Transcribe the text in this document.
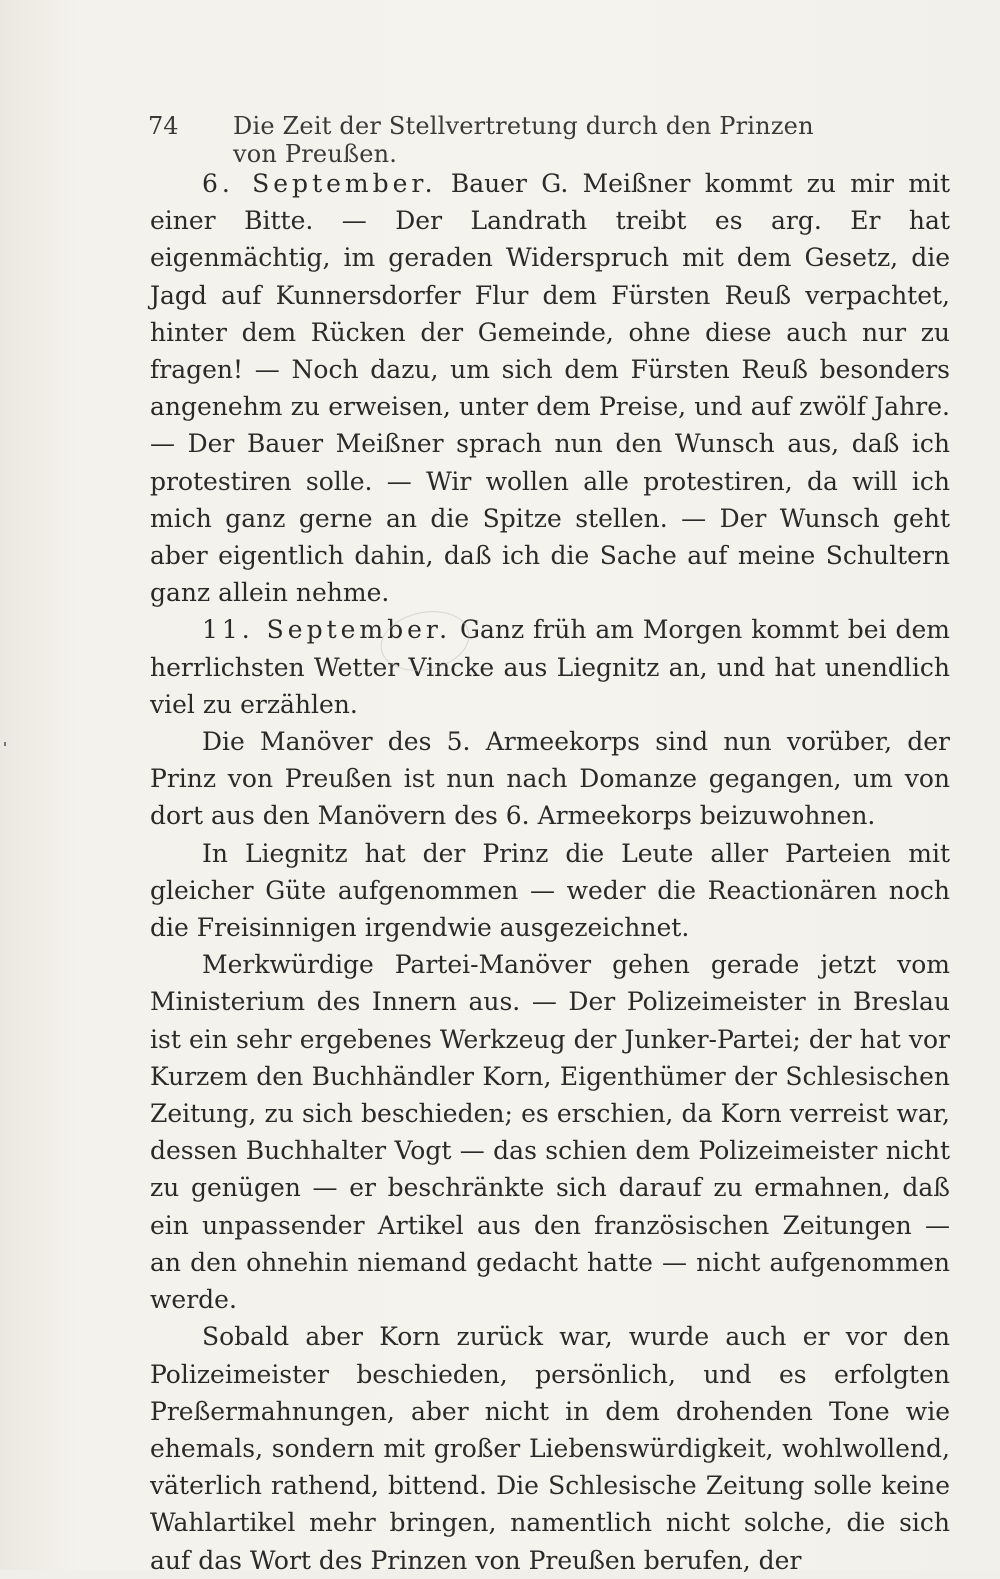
74	Die Zeit der Stellvertretung durch den Prinzen von Preußen.

6. September. Bauer G. Meißner kommt zu mir mit einer Bitte. — Der Landrath treibt es arg. Er hat eigenmächtig, im geraden Widerspruch mit dem Gesetz, die Jagd auf Kunnersdorfer Flur dem Fürsten Reuß verpachtet, hinter dem Rücken der Gemeinde, ohne diese auch nur zu fragen! — Noch dazu, um sich dem Fürsten Reuß besonders angenehm zu erweisen, unter dem Preise, und auf zwölf Jahre. — Der Bauer Meißner sprach nun den Wunsch aus, daß ich protestiren solle. — Wir wollen alle protestiren, da will ich mich ganz gerne an die Spitze stellen. — Der Wunsch geht aber eigentlich dahin, daß ich die Sache auf meine Schultern ganz allein nehme.

11. September. Ganz früh am Morgen kommt bei dem herrlichsten Wetter Vincke aus Liegnitz an, und hat unendlich viel zu erzählen.

Die Manöver des 5. Armeekorps sind nun vorüber, der Prinz von Preußen ist nun nach Domanze gegangen, um von dort aus den Manövern des 6. Armeekorps beizuwohnen.

In Liegnitz hat der Prinz die Leute aller Parteien mit gleicher Güte aufgenommen — weder die Reactionären noch die Freisinnigen irgendwie ausgezeichnet.

Merkwürdige Partei-Manöver gehen gerade jetzt vom Ministerium des Innern aus. — Der Polizeimeister in Breslau ist ein sehr ergebenes Werkzeug der Junker-Partei; der hat vor Kurzem den Buchhändler Korn, Eigenthümer der Schlesischen Zeitung, zu sich beschieden; es erschien, da Korn verreist war, dessen Buchhalter Vogt — das schien dem Polizeimeister nicht zu genügen — er beschränkte sich darauf zu ermahnen, daß ein unpassender Artikel aus den französischen Zeitungen — an den ohnehin niemand gedacht hatte — nicht aufgenommen werde.

Sobald aber Korn zurück war, wurde auch er vor den Polizeimeister beschieden, persönlich, und es erfolgten Preßermahnungen, aber nicht in dem drohenden Tone wie ehemals, sondern mit großer Liebenswürdigkeit, wohlwollend, väterlich rathend, bittend. Die Schlesische Zeitung solle keine Wahlartikel mehr bringen, namentlich nicht solche, die sich auf das Wort des Prinzen von Preußen berufen, der
